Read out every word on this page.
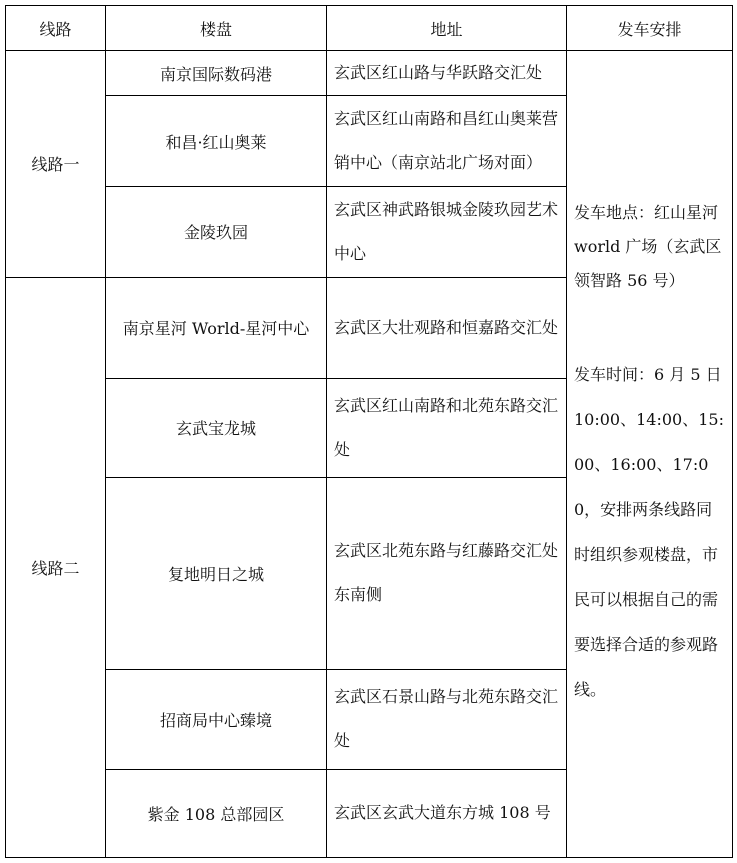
线路	楼盘	地址	发车安排
线路一	南京国际数码港	玄武区红山路与华跃路交汇处	发车地点：红山星河 world 广场（玄武区领智路 56 号）

发车时间：6 月 5 日 10:00、14:00、15:00、16:00、17:00，安排两条线路同时组织参观楼盘，市民可以根据自己的需要选择合适的参观路线。

	和昌·红山奥莱	玄武区红山南路和昌红山奥莱营销中心（南京站北广场对面）	
	金陵玖园	玄武区神武路银城金陵玖园艺术中心	
线路二	南京星河 World-星河中心	玄武区大壮观路和恒嘉路交汇处	
	玄武宝龙城	玄武区红山南路和北苑东路交汇处	
	复地明日之城	玄武区北苑东路与红藤路交汇处东南侧	
	招商局中心臻境	玄武区石景山路与北苑东路交汇处	
	紫金 108 总部园区	玄武区玄武大道东方城 108 号	
